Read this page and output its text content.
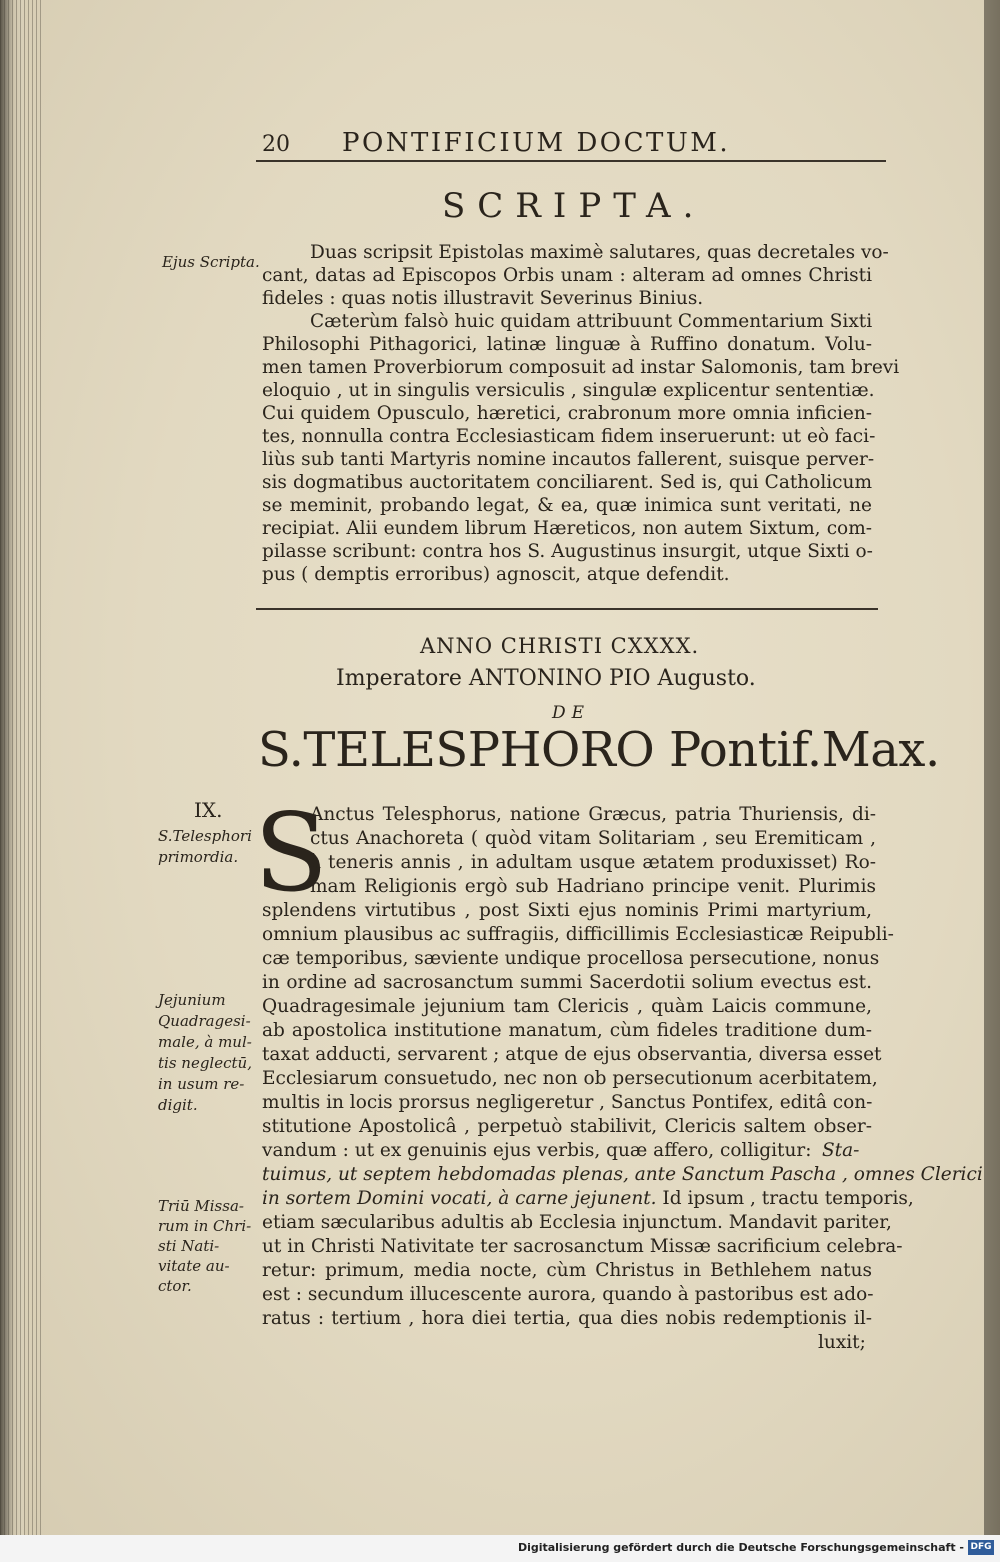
20 PONTIFICIUM DOCTUM.
SCRIPTA.
Ejus Scripta.
IX.
S.Telesphori
primordia.
Jejunium
Quadragesi-
male, à mul-
tis neglectū,
in usum re-
digit.
Triū Missa-
rum in Chri-
sti Nati-
vitate au-
ctor.
Duas scripsit Epistolas maximè salutares, quas decretales vo-
cant, datas ad Episcopos Orbis unam : alteram ad omnes Christi
fideles : quas notis illustravit Severinus Binius.
Cæterùm falsò huic quidam attribuunt Commentarium Sixti
Philosophi Pithagorici, latinæ linguæ à Ruffino donatum. Volu-
men tamen Proverbiorum composuit ad instar Salomonis, tam brevi
eloquio , ut in singulis versiculis , singulæ explicentur sententiæ.
Cui quidem Opusculo, hæretici, crabronum more omnia inficien-
tes, nonnulla contra Ecclesiasticam fidem inseruerunt: ut eò faci-
liùs sub tanti Martyris nomine incautos fallerent, suisque perver-
sis dogmatibus auctoritatem conciliarent. Sed is, qui Catholicum
se meminit, probando legat, & ea, quæ inimica sunt veritati, ne
recipiat. Alii eundem librum Hæreticos, non autem Sixtum, com-
pilasse scribunt: contra hos S. Augustinus insurgit, utque Sixti o-
pus ( demptis erroribus) agnoscit, atque defendit.
ANNO CHRISTI CXXXX.
Imperatore ANTONINO PIO Augusto.
DE
S.TELESPHORO Pontif.Max.
S
Anctus Telesphorus, natione Græcus, patria Thuriensis, di-
ctus Anachoreta ( quòd vitam Solitariam , seu Eremiticam ,
à teneris annis , in adultam usque ætatem produxisset) Ro-
mam Religionis ergò sub Hadriano principe venit. Plurimis
splendens virtutibus , post Sixti ejus nominis Primi martyrium,
omnium plausibus ac suffragiis, difficillimis Ecclesiasticæ Reipubli-
cæ temporibus, sæviente undique procellosa persecutione, nonus
in ordine ad sacrosanctum summi Sacerdotii solium evectus est.
Quadragesimale jejunium tam Clericis , quàm Laicis commune,
ab apostolica institutione manatum, cùm fideles traditione dum-
taxat adducti, servarent ; atque de ejus observantia, diversa esset
Ecclesiarum consuetudo, nec non ob persecutionum acerbitatem,
multis in locis prorsus negligeretur , Sanctus Pontifex, editâ con-
stitutione Apostolicâ , perpetuò stabilivit, Clericis saltem obser-
vandum : ut ex genuinis ejus verbis, quæ affero, colligitur: Sta-
tuimus, ut septem hebdomadas plenas, ante Sanctum Pascha , omnes Clerici
in sortem Domini vocati, à carne jejunent. Id ipsum , tractu temporis,
etiam sæcularibus adultis ab Ecclesia injunctum. Mandavit pariter,
ut in Christi Nativitate ter sacrosanctum Missæ sacrificium celebra-
retur: primum, media nocte, cùm Christus in Bethlehem natus
est : secundum illucescente aurora, quando à pastoribus est ado-
ratus : tertium , hora diei tertia, qua dies nobis redemptionis il-
luxit;
Digitalisierung gefördert durch die Deutsche Forschungsgemeinschaft - DFG
